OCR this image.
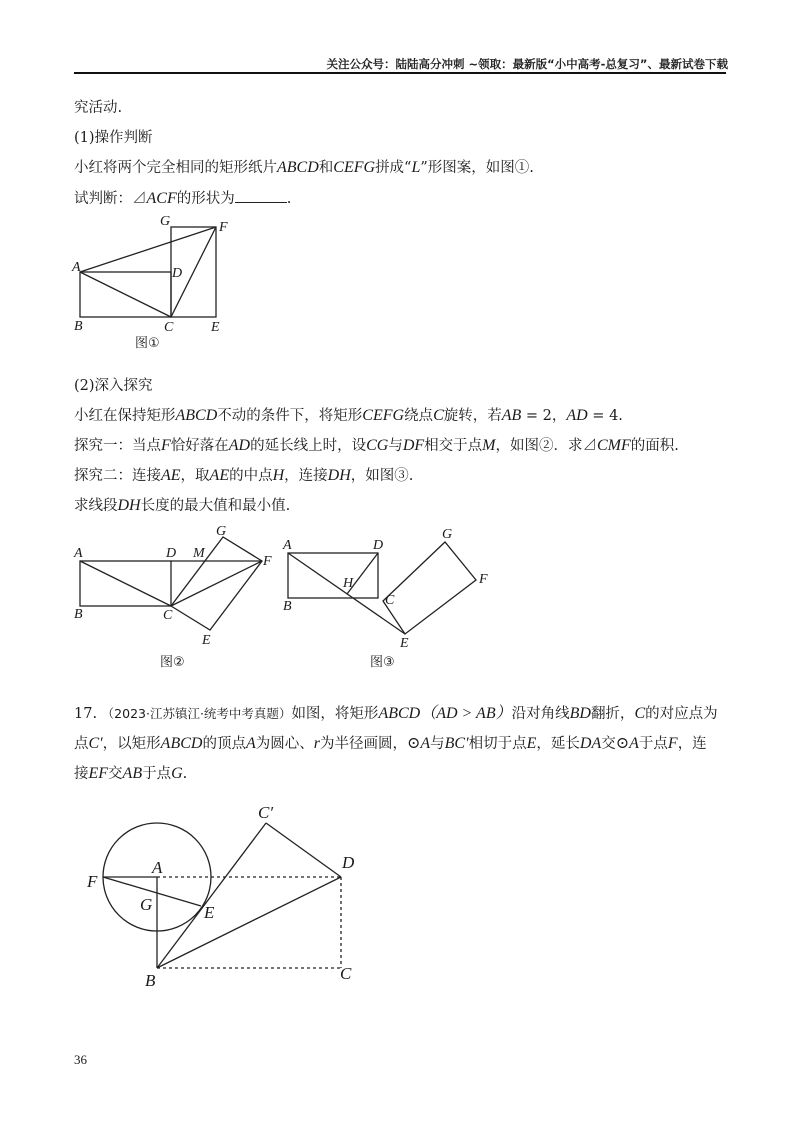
关注公众号：陆陆高分冲刺 ~领取：最新版“小中高考-总复习”、最新试卷下载
究活动.
(1)操作判断
小红将两个完全相同的矩形纸片ABCD和CEFG拼成“L”形图案，如图①.
试判断：⊿ACF的形状为	.
(2)深入探究
小红在保持矩形ABCD不动的条件下，将矩形CEFG绕点C旋转，若AB = 2，AD = 4.
探究一：当点F恰好落在AD的延长线上时，设CG与DF相交于点M，如图②．求⊿CMF的面积.
探究二：连接AE，取AE的中点H，连接DH，如图③.
求线段DH长度的最大值和最小值.
17. （2023·江苏镇江·统考中考真题）如图，将矩形ABCD（AD > AB）沿对角线BD翻折，C的对应点为
点C′，以矩形ABCD的顶点A为圆心、r为半径画圆，⊙A与BC′相切于点E，延长DA交⊙A于点F，连
接EF交AB于点G.
G	F
A	D
B	C	E
图①
G
A	D M
F
B	C
E
图②
A	D
G
F
H
B	C
E
图③
C′
D
F
A
G	E
B	C
36
